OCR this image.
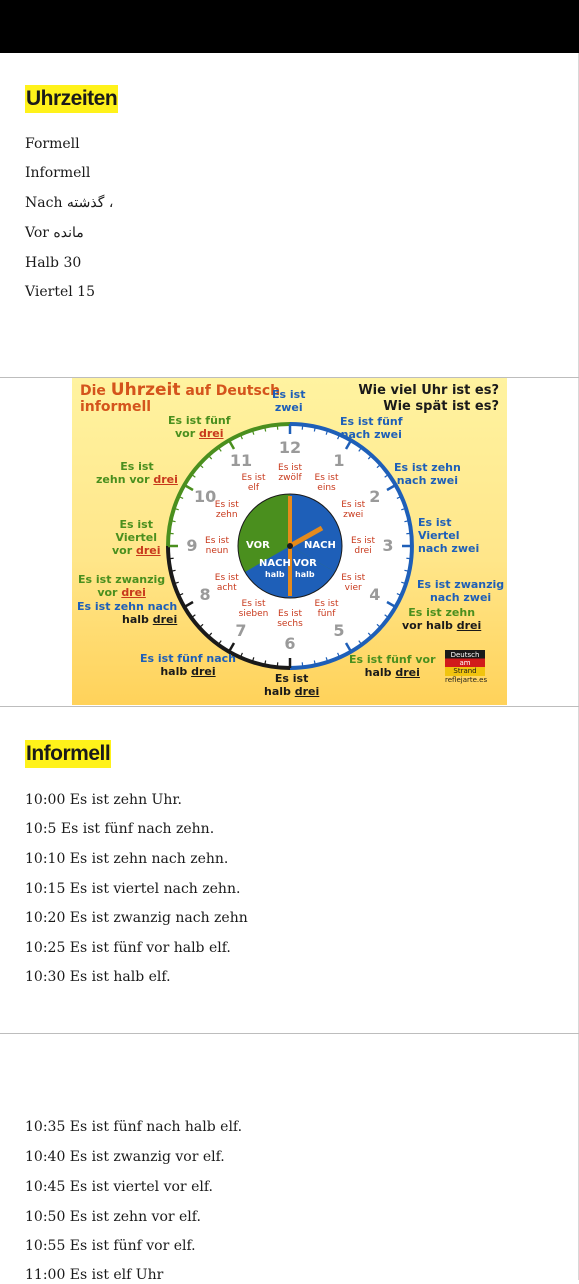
Uhrzeiten
Formell
Informell
Nach گذشته ،
Vor مانده
Halb 30
Viertel 15
Die Uhrzeit auf Deutsch
informell
Wie viel Uhr ist es?
Wie spät ist es?
VOR	NACH
NACH VOR
halb halb
12
Es ist
zwölf
1
Es ist
eins	2
Es ist
zwei
3
Es ist
drei
4
Es ist
vier
5
Es ist
fünf
6
Es ist
sechs
7
Es ist
sieben
8
Es ist
acht
9 Es ist
neun
10
Es ist
zehn
11
Es ist
elf
Es ist
zwei
Es ist fünf
vor drei
Es ist fünf
nach zwei
Es ist
zehn vor drei
Es ist zehn
nach zwei
Es ist
Viertel
vor drei
Es ist
Viertel
nach zwei
Es ist zwanzig
vor drei
Es ist zehn nach
halb drei
Es ist zwanzig
nach zwei
Es ist zehn
vor halb drei
Es ist fünf nach
halb drei
Es ist fünf vor
halb drei
Es ist
halb drei
Deutsch
am
Strand
reflejarte.es
Informell
10:00 Es ist zehn Uhr.
10:5 Es ist fünf nach zehn.
10:10 Es ist zehn nach zehn.
10:15 Es ist viertel nach zehn.
10:20 Es ist zwanzig nach zehn
10:25 Es ist fünf vor halb elf.
10:30 Es ist halb elf.
10:35 Es ist fünf nach halb elf.
10:40 Es ist zwanzig vor elf.
10:45 Es ist viertel vor elf.
10:50 Es ist zehn vor elf.
10:55 Es ist fünf vor elf.
11:00 Es ist elf Uhr
